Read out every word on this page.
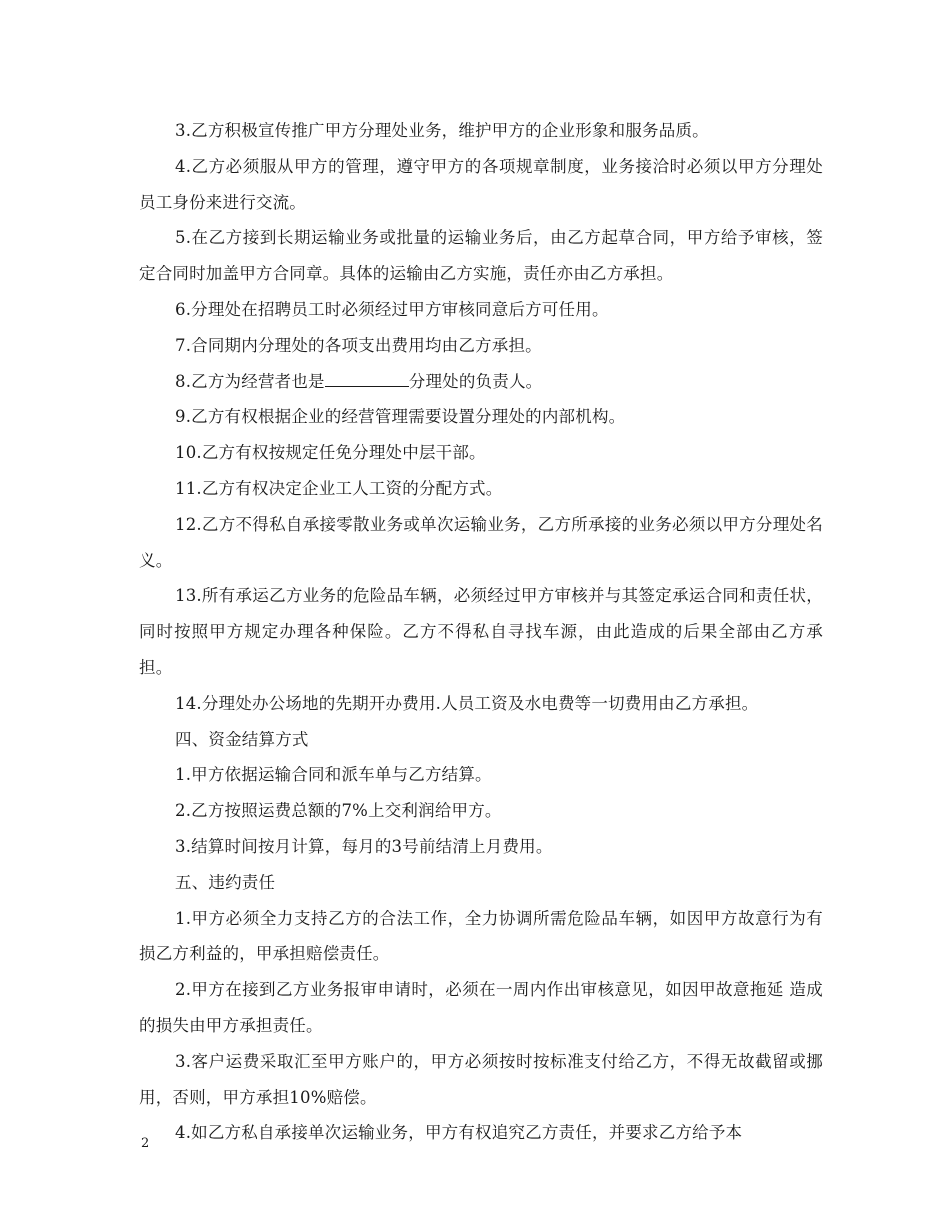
3.乙方积极宣传推广甲方分理处业务，维护甲方的企业形象和服务品质。

4.乙方必须服从甲方的管理，遵守甲方的各项规章制度，业务接洽时必须以甲方分理处员工身份来进行交流。

5.在乙方接到长期运输业务或批量的运输业务后，由乙方起草合同，甲方给予审核，签定合同时加盖甲方合同章。具体的运输由乙方实施，责任亦由乙方承担。

6.分理处在招聘员工时必须经过甲方审核同意后方可任用。

7.合同期内分理处的各项支出费用均由乙方承担。

8.乙方为经营者也是	分理处的负责人。

9.乙方有权根据企业的经营管理需要设置分理处的内部机构。

10.乙方有权按规定任免分理处中层干部。

11.乙方有权决定企业工人工资的分配方式。

12.乙方不得私自承接零散业务或单次运输业务，乙方所承接的业务必须以甲方分理处名义。

13.所有承运乙方业务的危险品车辆，必须经过甲方审核并与其签定承运合同和责任状，同时按照甲方规定办理各种保险。乙方不得私自寻找车源，由此造成的后果全部由乙方承担。

14.分理处办公场地的先期开办费用.人员工资及水电费等一切费用由乙方承担。

四、资金结算方式

1.甲方依据运输合同和派车单与乙方结算。

2.乙方按照运费总额的7%上交利润给甲方。

3.结算时间按月计算，每月的3号前结清上月费用。

五、违约责任

1.甲方必须全力支持乙方的合法工作，全力协调所需危险品车辆，如因甲方故意行为有损乙方利益的，甲承担赔偿责任。

2.甲方在接到乙方业务报审申请时，必须在一周内作出审核意见，如因甲故意拖延 造成的损失由甲方承担责任。

3.客户运费采取汇至甲方账户的，甲方必须按时按标准支付给乙方，不得无故截留或挪用，否则，甲方承担10%赔偿。

4.如乙方私自承接单次运输业务，甲方有权追究乙方责任，并要求乙方给予本

2
